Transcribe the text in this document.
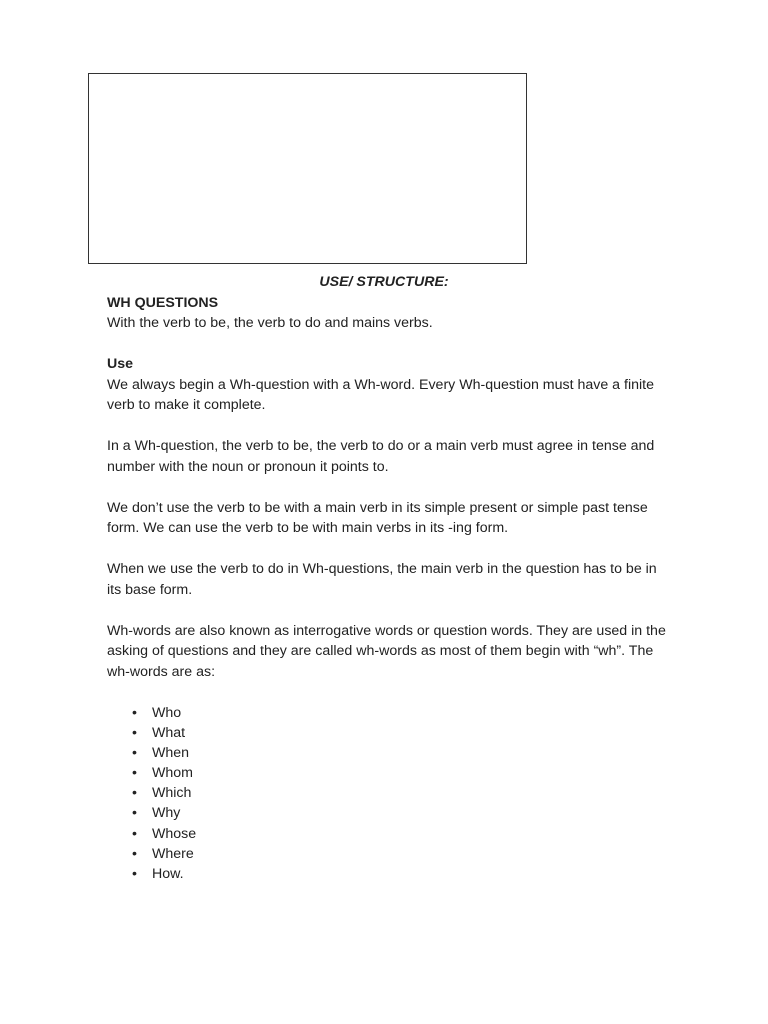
USE/ STRUCTURE:

WH QUESTIONS

With the verb to be, the verb to do and mains verbs.

Use

We always begin a Wh-question with a Wh-word. Every Wh-question must have a finite verb to make it complete.

In a Wh-question, the verb to be, the verb to do or a main verb must agree in tense and number with the noun or pronoun it points to.

We don’t use the verb to be with a main verb in its simple present or simple past tense form. We can use the verb to be with main verbs in its -ing form.

When we use the verb to do in Wh-questions, the main verb in the question has to be in its base form.

Wh-words are also known as interrogative words or question words. They are used in the asking of questions and they are called wh-words as most of them begin with “wh”. The wh-words are as:

• Who
• What
• When
• Whom
• Which
• Why
• Whose
• Where
• How.
